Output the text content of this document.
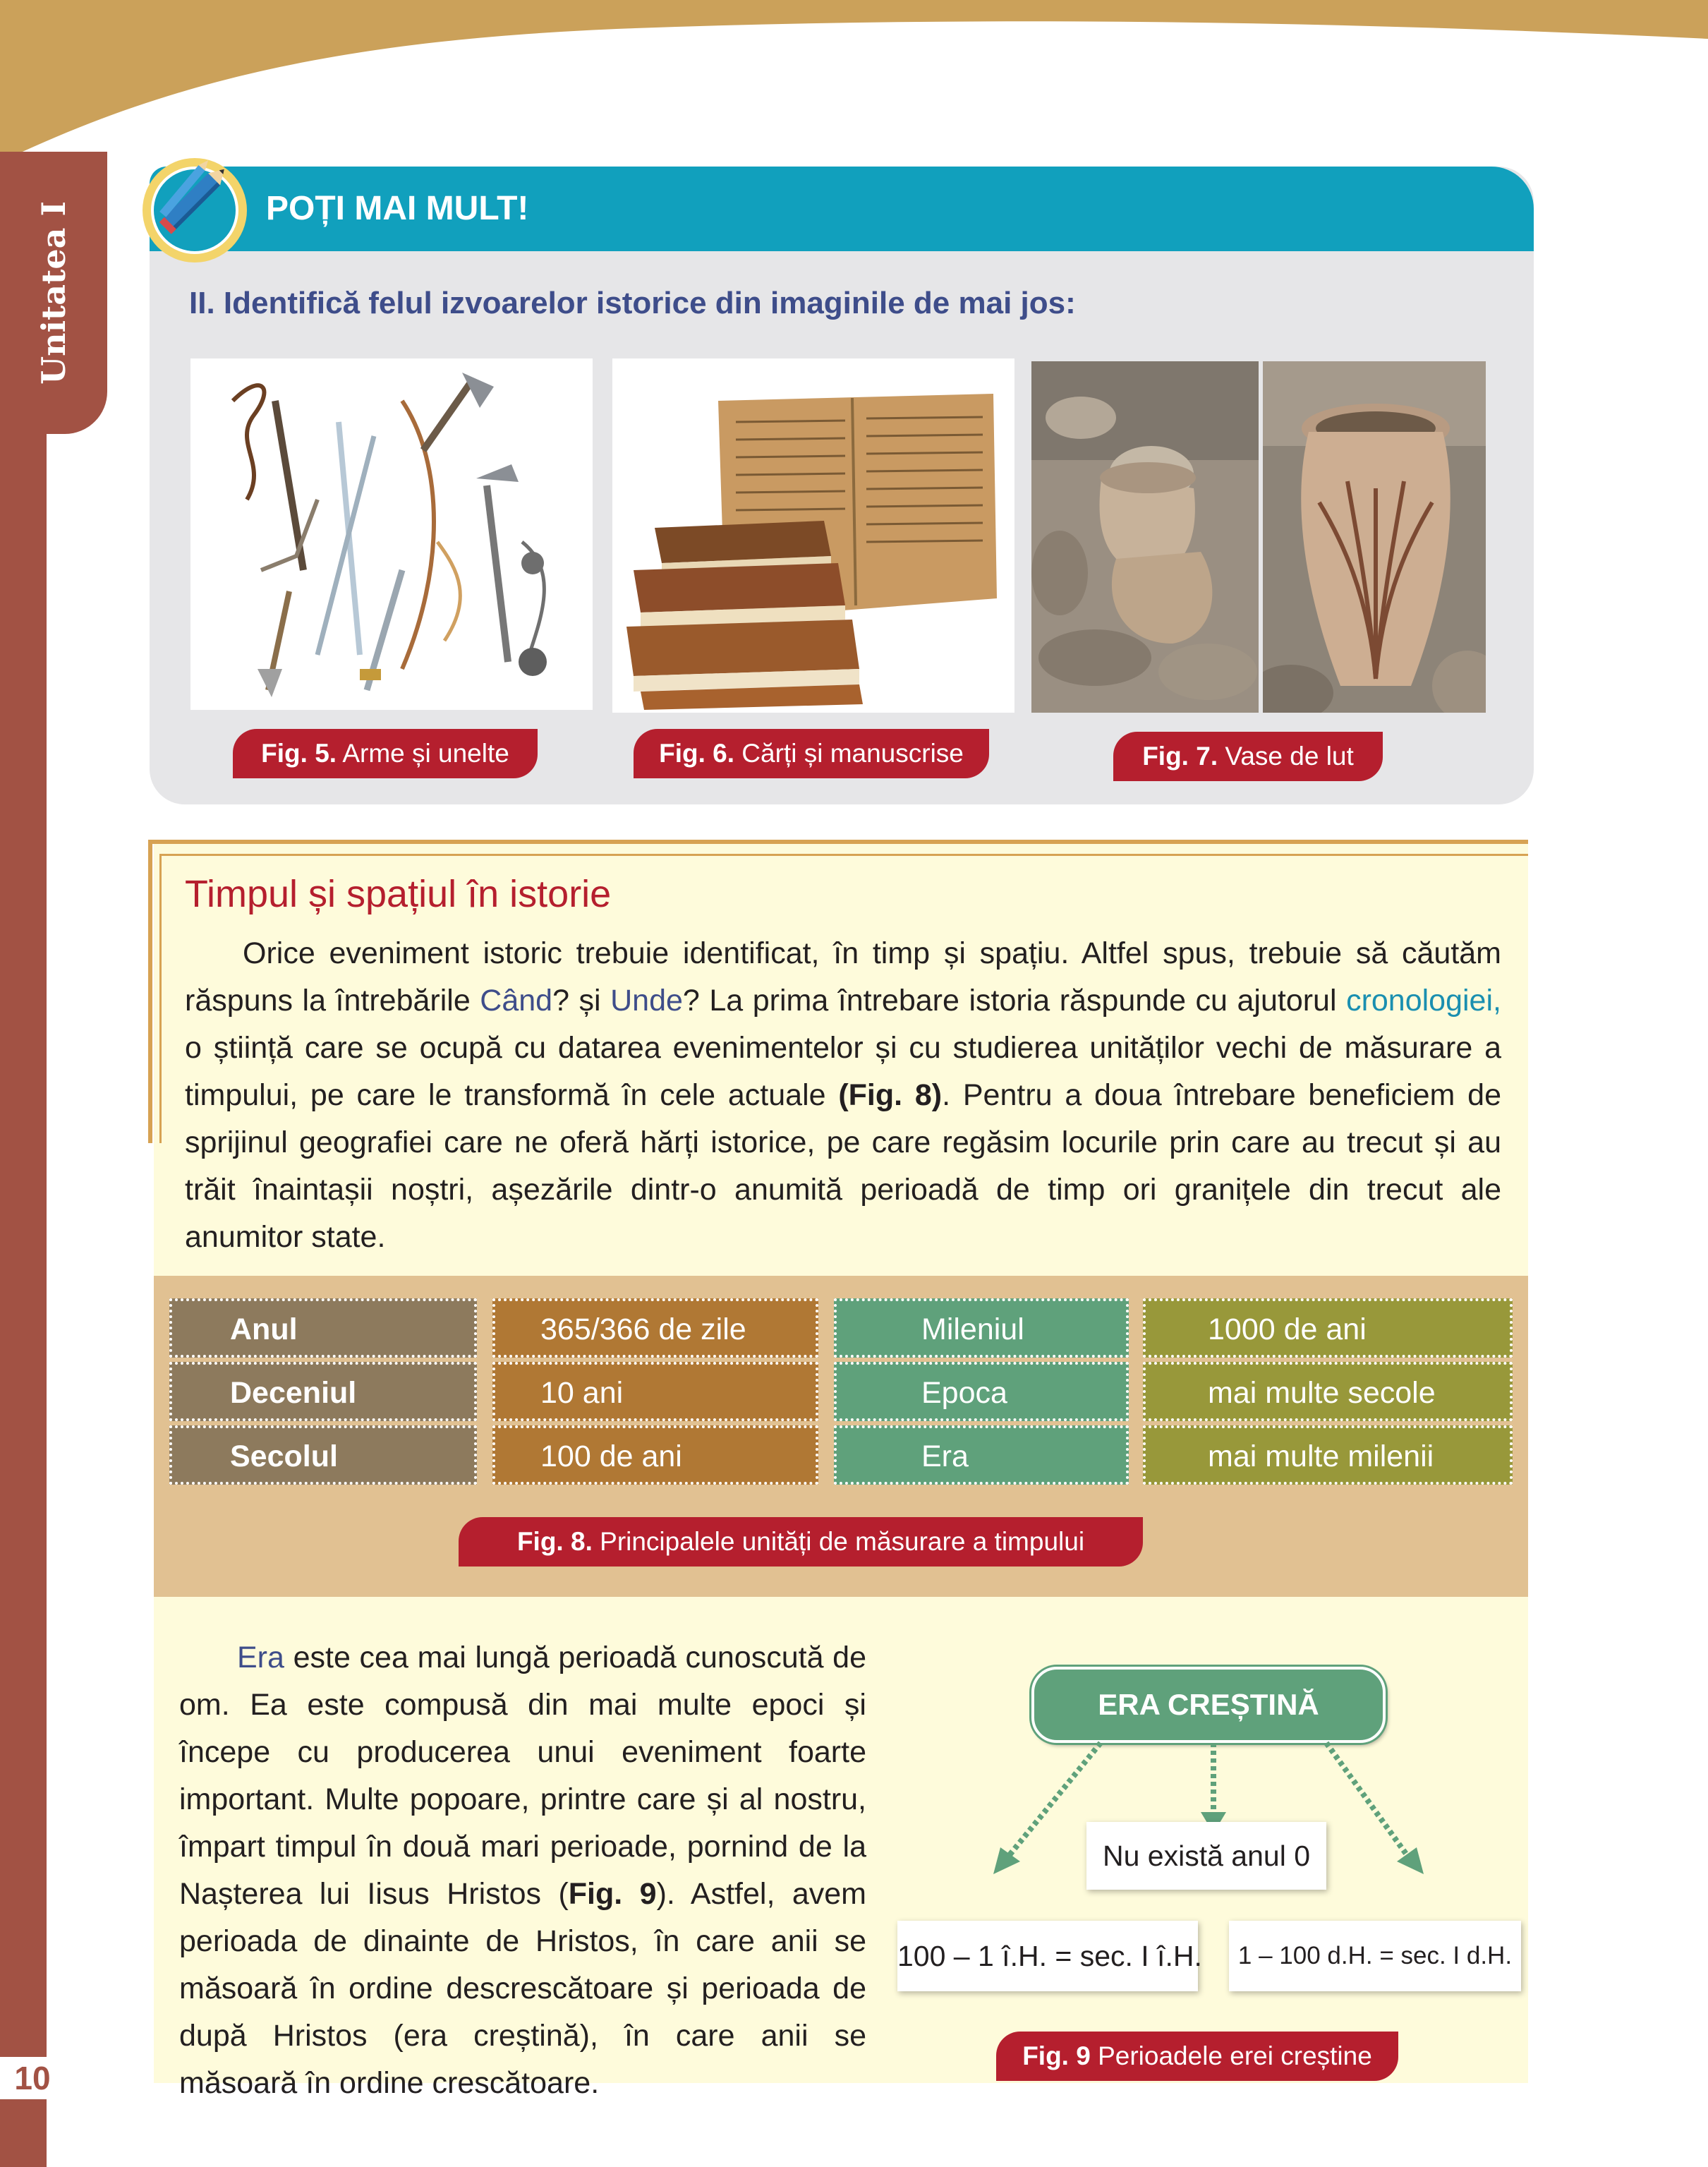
Unitatea I
10
POȚI MAI MULT!
II. Identifică felul izvoarelor istorice din imaginile de mai jos:
Fig. 5. Arme și unelte	Fig. 6. Cărți și manuscrise	Fig. 7. Vase de lut
Timpul și spațiul în istorie

Orice eveniment istoric trebuie identificat, în timp și spațiu. Altfel spus, trebuie să căutăm răspuns la întrebările Când? și Unde? La prima întrebare istoria răspunde cu ajutorul cronologiei, o știință care se ocupă cu datarea evenimentelor și cu studierea unităților vechi de măsurare a timpului, pe care le transformă în cele actuale (Fig. 8). Pentru a doua întrebare beneficiem de sprijinul geografiei care ne oferă hărți istorice, pe care regăsim locurile prin care au trecut și au trăit înaintașii noștri, așezările dintr-o anumită perioadă de timp ori granițele din trecut ale anumitor state.

Anul	365/366 de zile	Mileniul	1000 de ani
Deceniul	10 ani	Epoca	mai multe secole
Secolul	100 de ani	Era	mai multe milenii
Fig. 8. Principalele unități de măsurare a timpului

Era este cea mai lungă perioadă cunoscută de om. Ea este compusă din mai multe epoci și începe cu producerea unui eveniment foarte important. Multe popoare, printre care și al nostru, împart timpul în două mari perioade, pornind de la Nașterea lui Iisus Hristos (Fig. 9). Astfel, avem perioada de dinainte de Hristos, în care anii se măsoară în ordine descrescătoare și perioada de după Hristos (era creștină), în care anii se măsoară în ordine crescătoare.

ERA CREȘTINĂ
Nu există anul 0
100 – 1 î.H. = sec. I î.H.	1 – 100 d.H. = sec. I d.H.
Fig. 9 Perioadele erei creștine
